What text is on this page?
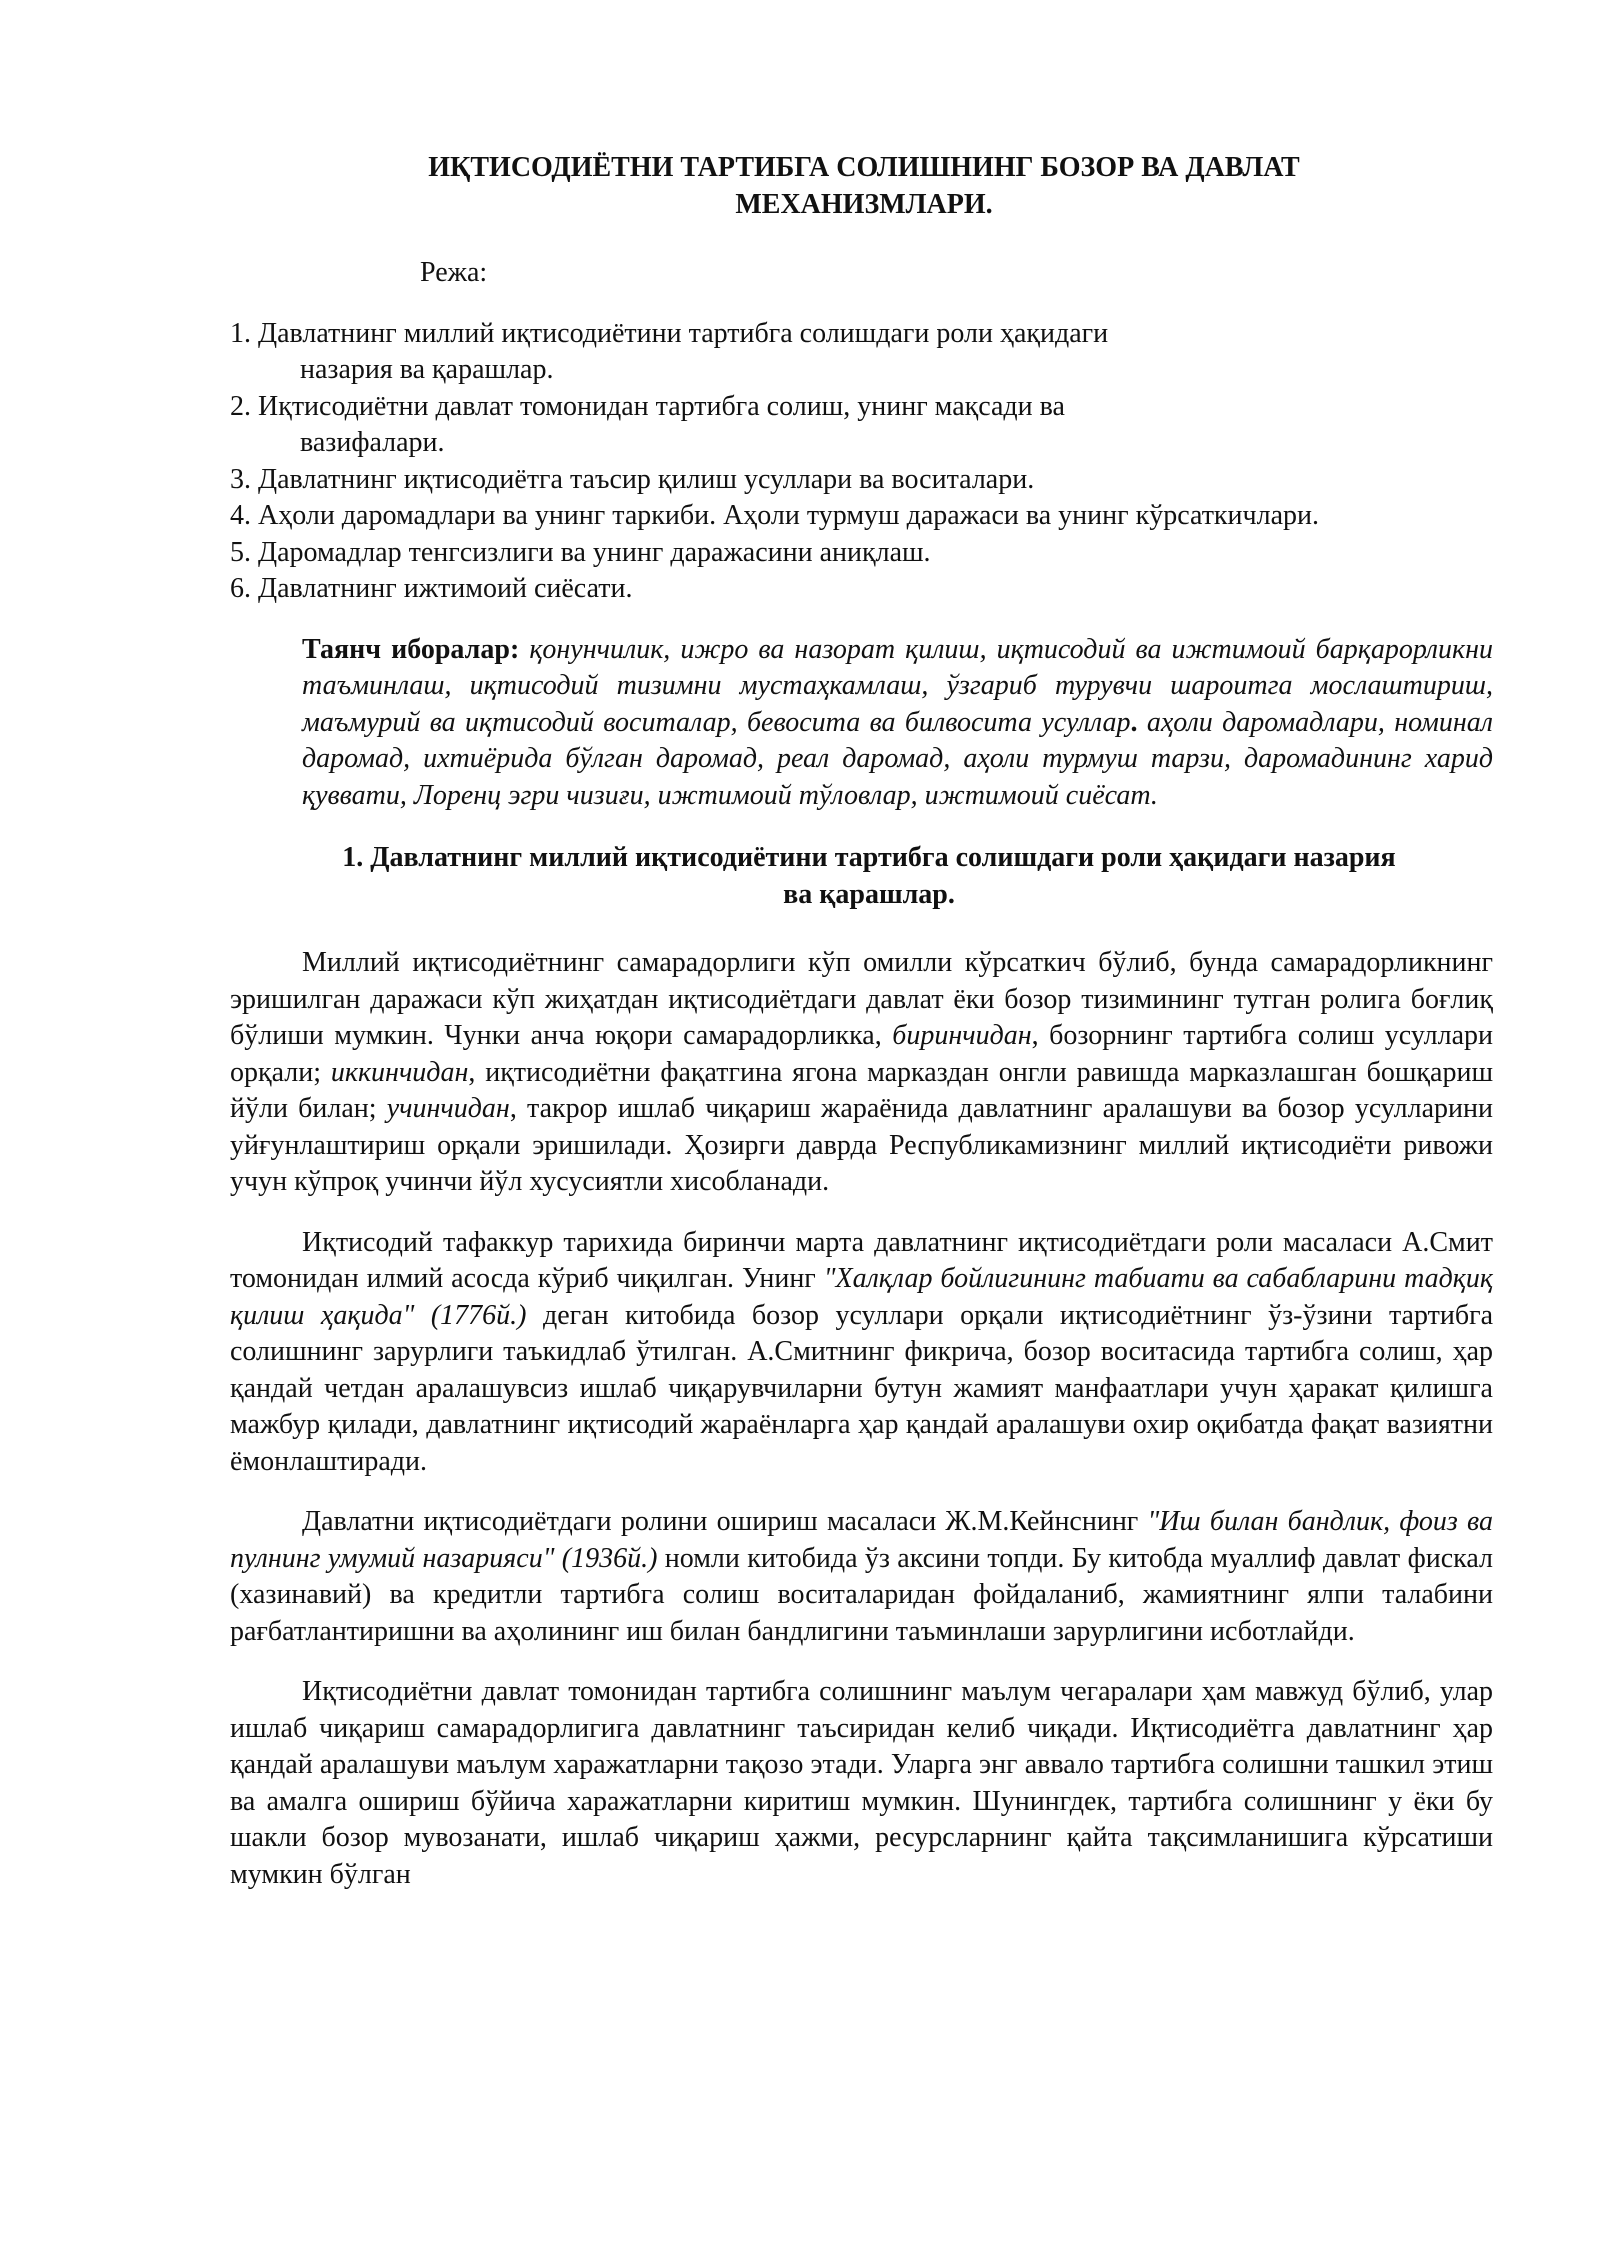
ИҚТИСОДИЁТНИ ТАРТИБГА СОЛИШНИНГ БОЗОР ВА ДАВЛАТ
МЕХАНИЗМЛАРИ.
Режа:
1. Давлатнинг миллий иқтисодиётини тартибга солишдаги роли ҳақидаги
назария ва қарашлар.
2. Иқтисодиётни давлат томонидан тартибга солиш, унинг мақсади ва
вазифалари.
3. Давлатнинг иқтисодиётга таъсир қилиш усуллари ва воситалари.
4. Аҳоли даромадлари ва унинг таркиби. Аҳоли турмуш даражаси ва унинг кўрсаткичлари.
5. Даромадлар тенгсизлиги ва унинг даражасини аниқлаш.
6. Давлатнинг ижтимоий сиёсати.
Таянч иборалар: қонунчилик, ижро ва назорат қилиш, иқтисодий ва ижтимоий барқарорликни таъминлаш, иқтисодий тизимни мустаҳкамлаш, ўзгариб турувчи шароитга мослаштириш, маъмурий ва иқтисодий воситалар, бевосита ва билвосита усуллар. аҳоли даромадлари, номинал даромад, ихтиёрида бўлган даромад, реал даромад, аҳоли турмуш тарзи, даромадининг харид қуввати, Лоренц эгри чизиғи, ижтимоий тўловлар, ижтимоий сиёсат.
1. Давлатнинг миллий иқтисодиётини тартибга солишдаги роли ҳақидаги назария
ва қарашлар.

Миллий иқтисодиётнинг самарадорлиги кўп омилли кўрсаткич бўлиб, бунда самарадорликнинг эришилган даражаси кўп жиҳатдан иқтисодиётдаги давлат ёки бозор тизимининг тутган ролига боғлиқ бўлиши мумкин. Чунки анча юқори самарадорликка, биринчидан, бозорнинг тартибга солиш усуллари орқали; иккинчидан, иқтисодиётни фақатгина ягона марказдан онгли равишда марказлашган бошқариш йўли билан; учинчидан, такрор ишлаб чиқариш жараёнида давлатнинг аралашуви ва бозор усулларини уйғунлаштириш орқали эришилади. Ҳозирги даврда Республикамизнинг миллий иқтисодиёти ривожи учун кўпроқ учинчи йўл хусусиятли хисобланади.

Иқтисодий тафаккур тарихида биринчи марта давлатнинг иқтисодиётдаги роли масаласи А.Смит томонидан илмий асосда кўриб чиқилган. Унинг "Халқлар бойлигининг табиати ва сабабларини тадқиқ қилиш ҳақида" (1776й.) деган китобида бозор усуллари орқали иқтисодиётнинг ўз-ўзини тартибга солишнинг зарурлиги таъкидлаб ўтилган. А.Смитнинг фикрича, бозор воситасида тартибга солиш, ҳар қандай четдан аралашувсиз ишлаб чиқарувчиларни бутун жамият манфаатлари учун ҳаракат қилишга мажбур қилади, давлатнинг иқтисодий жараёнларга ҳар қандай аралашуви охир оқибатда фақат вазиятни ёмонлаштиради.

Давлатни иқтисодиётдаги ролини ошириш масаласи Ж.М.Кейнснинг "Иш билан бандлик, фоиз ва пулнинг умумий назарияси" (1936й.) номли китобида ўз аксини топди. Бу китобда муаллиф давлат фискал (хазинавий) ва кредитли тартибга солиш воситаларидан фойдаланиб, жамиятнинг ялпи талабини рағбатлантиришни ва аҳолининг иш билан бандлигини таъминлаши зарурлигини исботлайди.

Иқтисодиётни давлат томонидан тартибга солишнинг маълум чегаралари ҳам мавжуд бўлиб, улар ишлаб чиқариш самарадорлигига давлатнинг таъсиридан келиб чиқади. Иқтисодиётга давлатнинг ҳар қандай аралашуви маълум харажатларни тақозо этади. Уларга энг аввало тартибга солишни ташкил этиш ва амалга ошириш бўйича харажатларни киритиш мумкин. Шунингдек, тартибга солишнинг у ёки бу шакли бозор мувозанати, ишлаб чиқариш ҳажми, ресурсларнинг қайта тақсимланишига кўрсатиши мумкин бўлган
